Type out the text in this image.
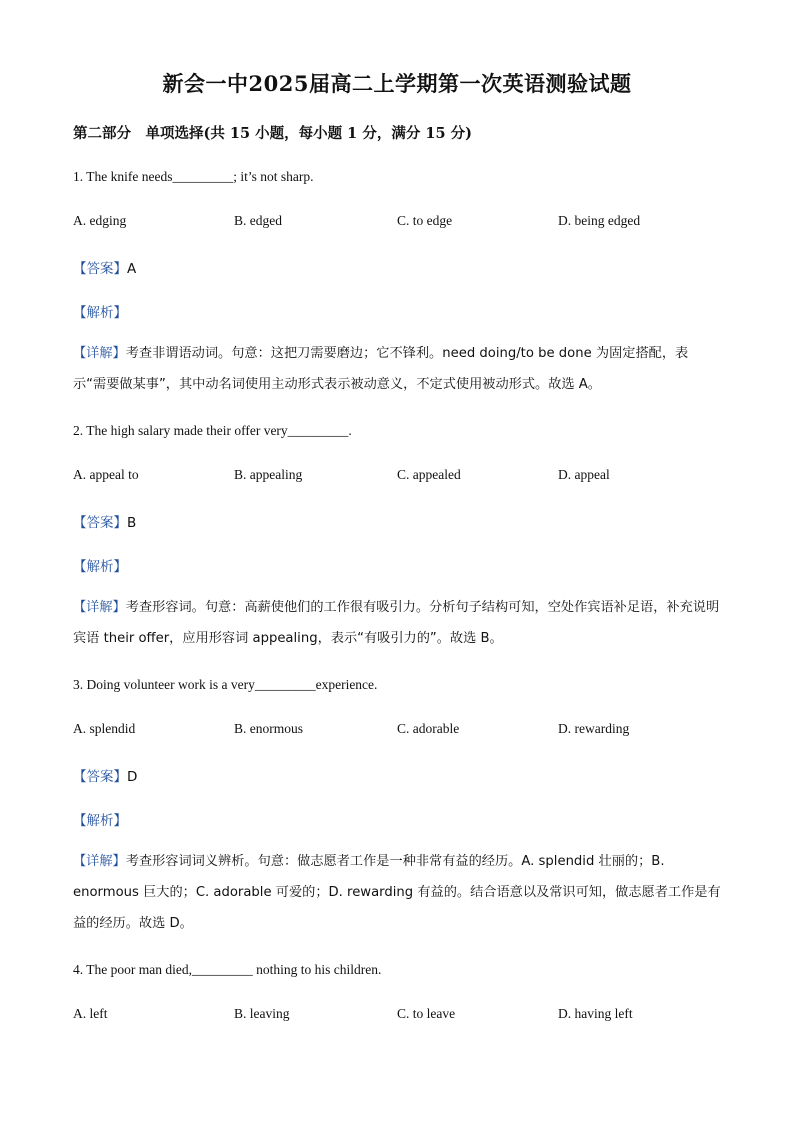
新会一中2025届高二上学期第一次英语测验试题
第二部分　单项选择(共 15 小题，每小题 1 分，满分 15 分)
1. The knife needs_________; it’s not sharp.
A. edging	B. edged	C. to edge	D. being edged
【答案】A
【解析】
【详解】考查非谓语动词。句意：这把刀需要磨边；它不锋利。need doing/to be done 为固定搭配，表示“需要做某事”，其中动名词使用主动形式表示被动意义，不定式使用被动形式。故选 A。
2. The high salary made their offer very_________.
A. appeal to	B. appealing	C. appealed	D. appeal
【答案】B
【解析】
【详解】考查形容词。句意：高薪使他们的工作很有吸引力。分析句子结构可知，空处作宾语补足语，补充说明宾语 their offer，应用形容词 appealing，表示“有吸引力的”。故选 B。
3. Doing volunteer work is a very_________experience.
A. splendid	B. enormous	C. adorable	D. rewarding
【答案】D
【解析】
【详解】考查形容词词义辨析。句意：做志愿者工作是一种非常有益的经历。A. splendid 壮丽的；B. enormous 巨大的；C. adorable 可爱的；D. rewarding 有益的。结合语意以及常识可知，做志愿者工作是有益的经历。故选 D。
4. The poor man died,_________ nothing to his children.
A. left	B. leaving	C. to leave	D. having left
